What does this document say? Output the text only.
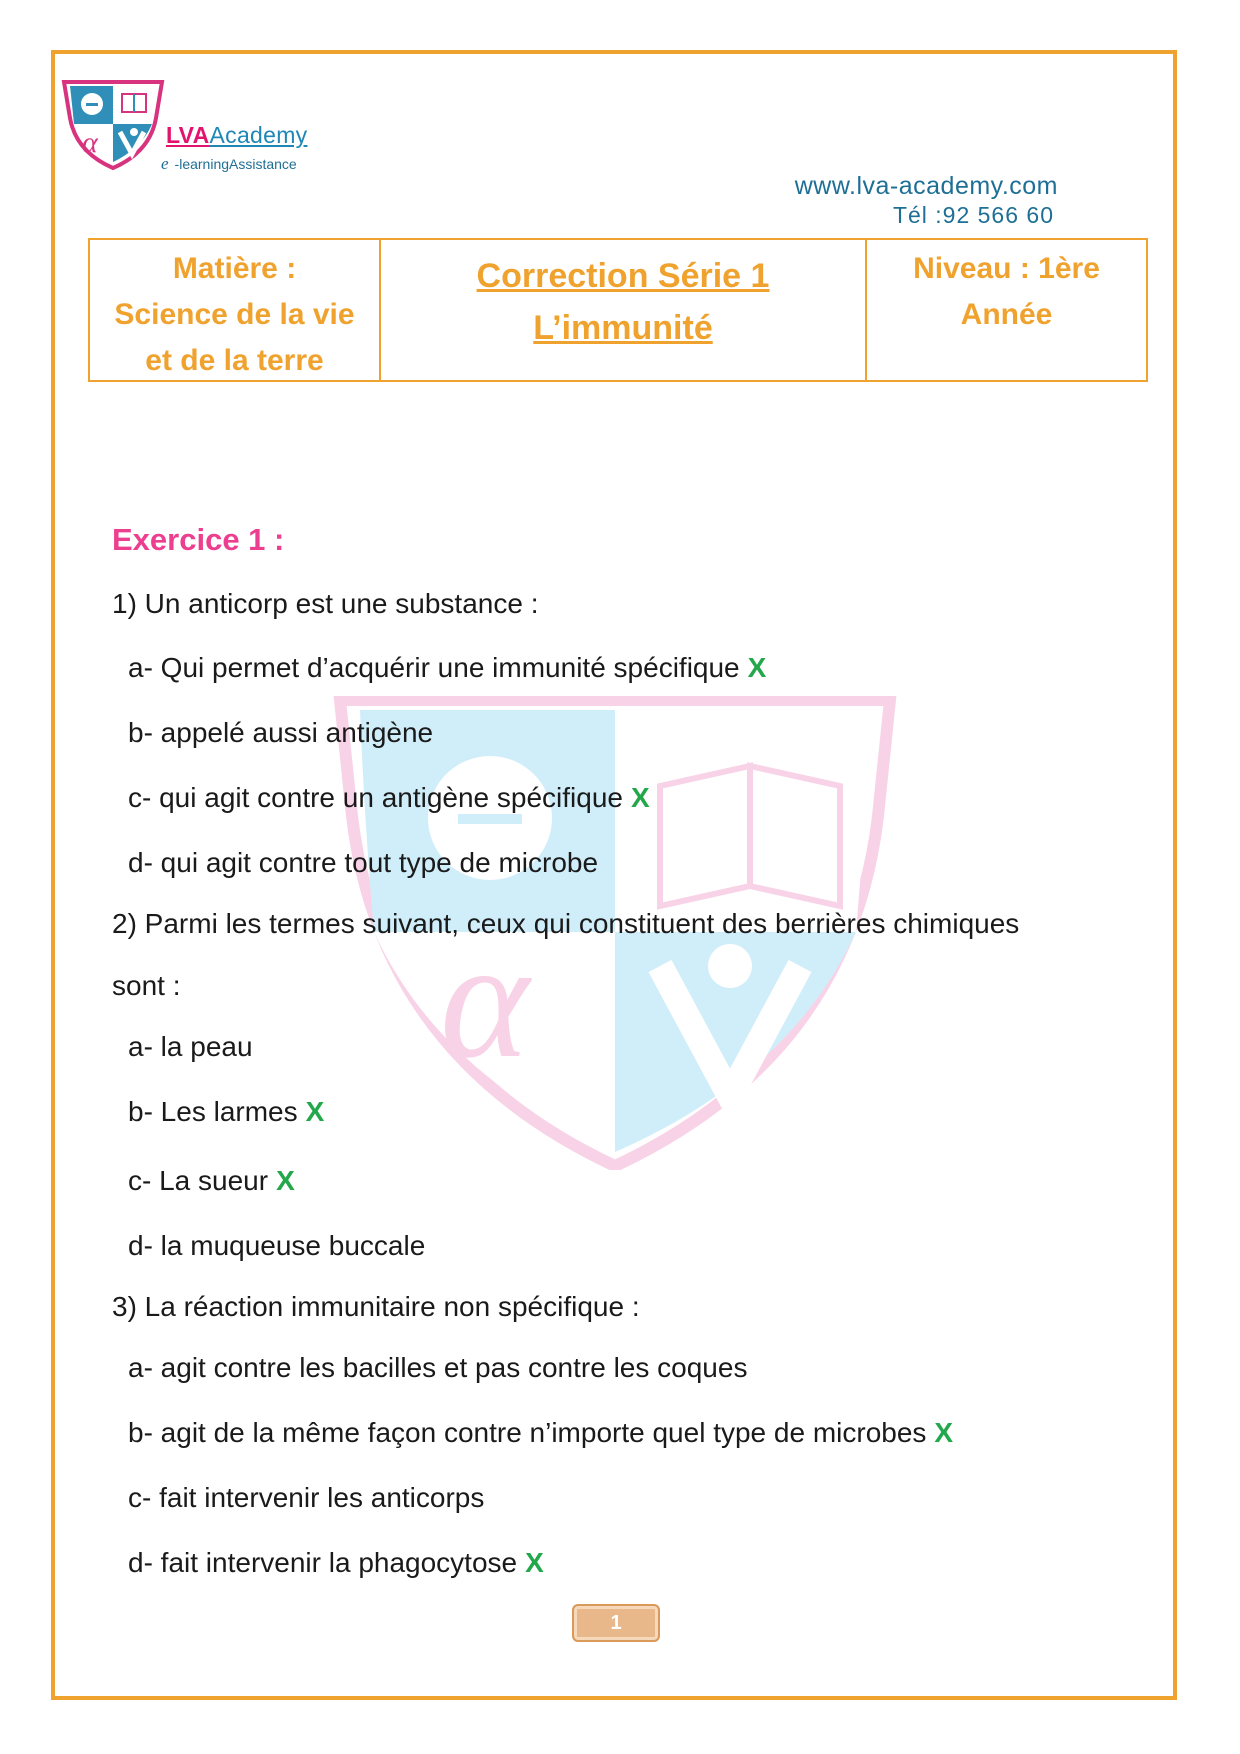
α	LVAAcademy
e -learningAssistance
www.lva-academy.com
Tél :92 566 60
Matière :
Science de la vie
et de la terre
Correction Série 1
L’immunité
Niveau : 1ère
Année
α
Exercice 1 :
1) Un anticorp est une substance :
a- Qui permet d’acquérir une immunité spécifique X
b- appelé aussi antigène
c- qui agit contre un antigène spécifique X
d- qui agit contre tout type de microbe
2) Parmi les termes suivant, ceux qui constituent des berrières chimiques
sont :
a- la peau
b- Les larmes X
c- La sueur X
d- la muqueuse buccale
3) La réaction immunitaire non spécifique :
a- agit contre les bacilles et pas contre les coques
b- agit de la même façon contre n’importe quel type de microbes X
c- fait intervenir les anticorps
d- fait intervenir la phagocytose X
1
